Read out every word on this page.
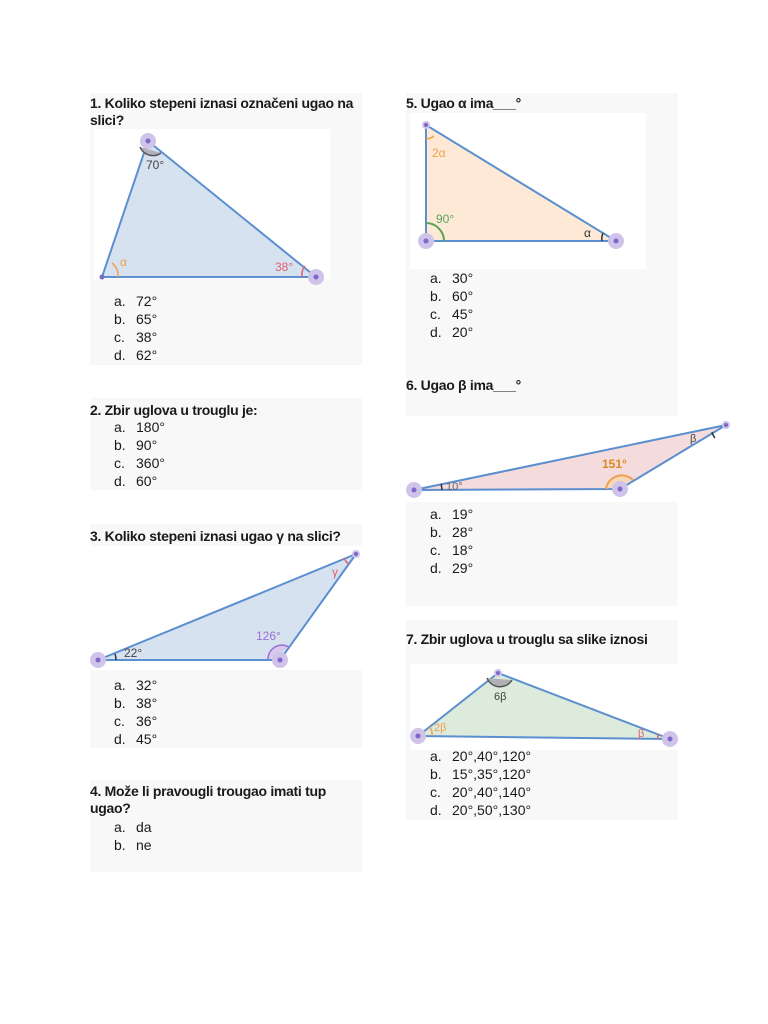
1. Koliko stepeni iznasi označeni ugao na slici?
70°
α	38°
a. 72°
b. 65°
c. 38°
d. 62°
2. Zbir uglova u trouglu je:
a. 180°
b. 90°
c. 360°
d. 60°
3. Koliko stepeni iznasi ugao γ na slici?
γ
126°
22°
a. 32°
b. 38°
c. 36°
d. 45°
4. Može li pravougli trougao imati tup ugao?
a. da
b. ne
5. Ugao α ima___°
2α
90°
α
a. 30°
b. 60°
c. 45°
d. 20°
6. Ugao β ima___°
β
151°
10°
a. 19°
b. 28°
c. 18°
d. 29°
7. Zbir uglova u trouglu sa slike iznosi
6β
2β	β
a. 20°,40°,120°
b. 15°,35°,120°
c. 20°,40°,140°
d. 20°,50°,130°
